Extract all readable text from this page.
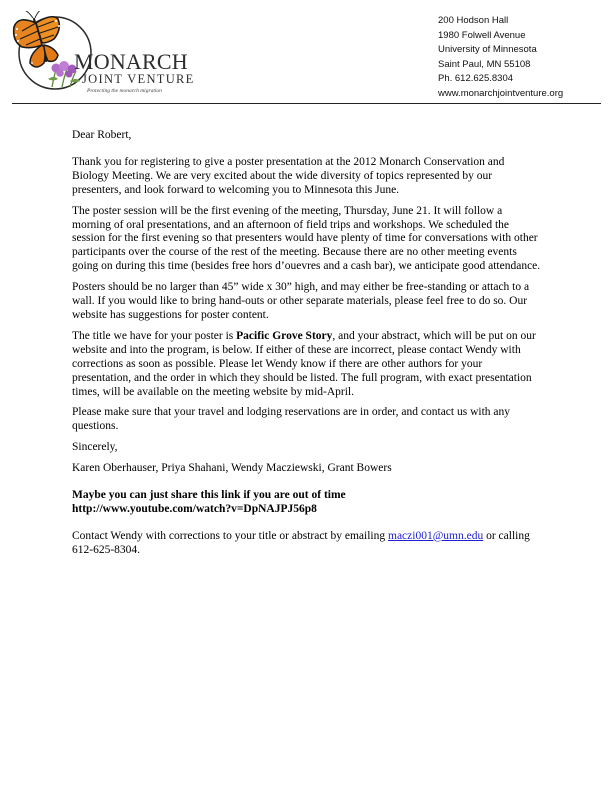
MONARCH
JOINT VENTURE
Protecting the monarch migration
200 Hodson Hall
1980 Folwell Avenue
University of Minnesota
Saint Paul, MN 55108
Ph. 612.625.8304
www.monarchjointventure.org

Dear Robert,

Thank you for registering to give a poster presentation at the 2012 Monarch Conservation and Biology Meeting. We are very excited about the wide diversity of topics represented by our presenters, and look forward to welcoming you to Minnesota this June.

The poster session will be the first evening of the meeting, Thursday, June 21. It will follow a morning of oral presentations, and an afternoon of field trips and workshops. We scheduled the session for the first evening so that presenters would have plenty of time for conversations with other participants over the course of the rest of the meeting. Because there are no other meeting events going on during this time (besides free hors d’ouevres and a cash bar), we anticipate good attendance.

Posters should be no larger than 45” wide x 30” high, and may either be free-standing or attach to a wall. If you would like to bring hand-outs or other separate materials, please feel free to do so. Our website has suggestions for poster content.

The title we have for your poster is Pacific Grove Story, and your abstract, which will be put on our website and into the program, is below. If either of these are incorrect, please contact Wendy with corrections as soon as possible. Please let Wendy know if there are other authors for your presentation, and the order in which they should be listed. The full program, with exact presentation times, will be available on the meeting website by mid-April.

Please make sure that your travel and lodging reservations are in order, and contact us with any questions.

Sincerely,

Karen Oberhauser, Priya Shahani, Wendy Macziewski, Grant Bowers

Maybe you can just share this link if you are out of time
http://www.youtube.com/watch?v=DpNAJPJ56p8

Contact Wendy with corrections to your title or abstract by emailing maczi001@umn.edu or calling 612-625-8304.
